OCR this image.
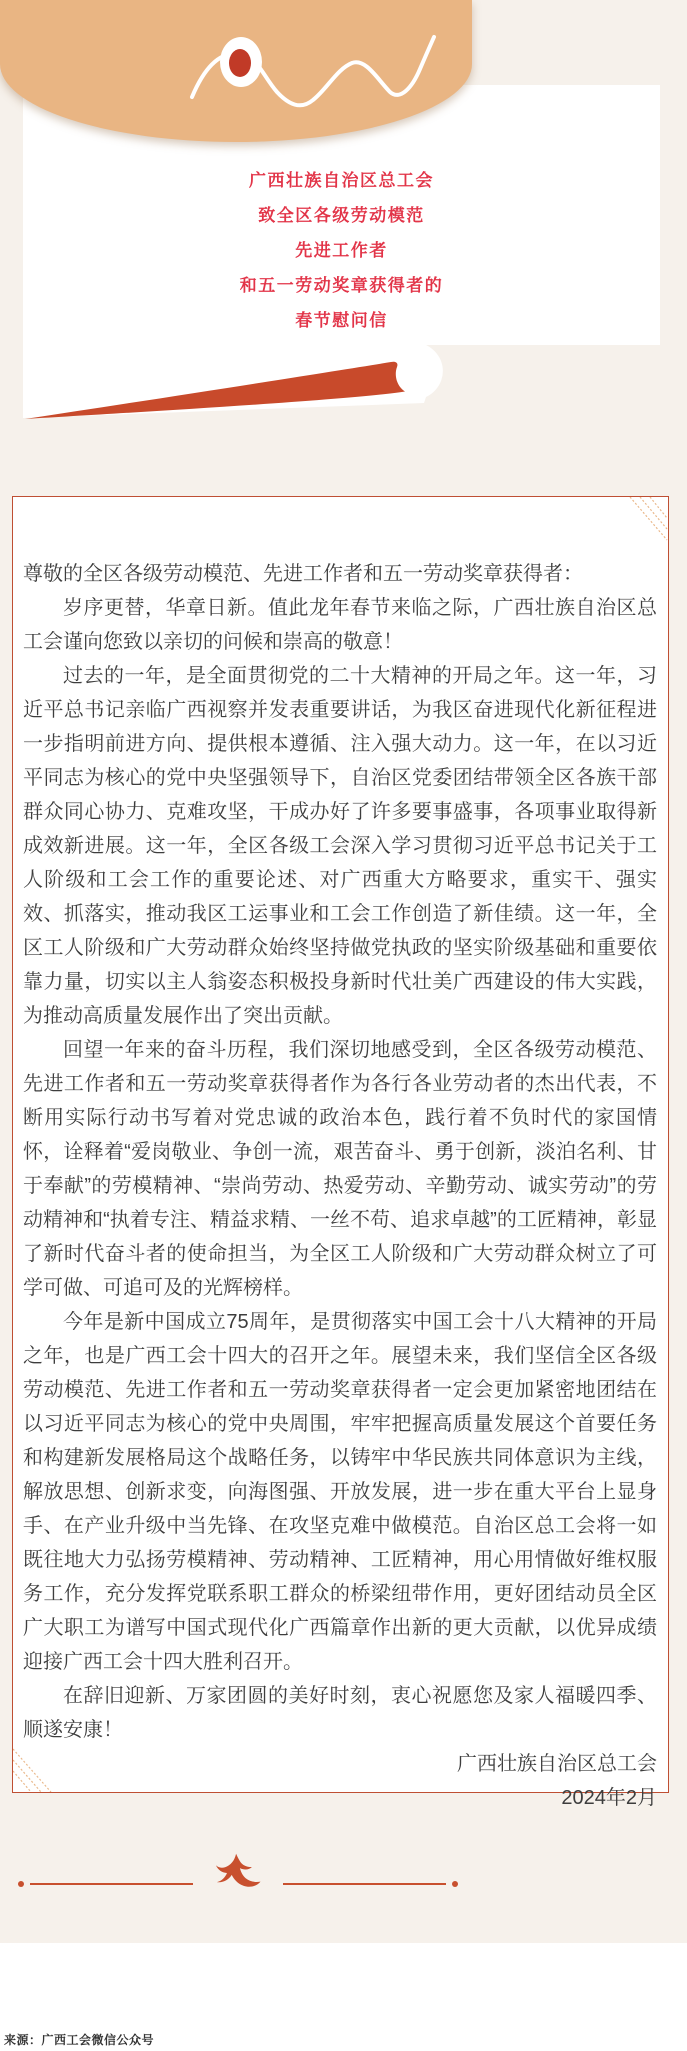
广西壮族自治区总工会
致全区各级劳动模范
先进工作者
和五一劳动奖章获得者的
春节慰问信

尊敬的全区各级劳动模范、先进工作者和五一劳动奖章获得者：

岁序更替，华章日新。值此龙年春节来临之际，广西壮族自治区总工会谨向您致以亲切的问候和崇高的敬意！

过去的一年，是全面贯彻党的二十大精神的开局之年。这一年，习近平总书记亲临广西视察并发表重要讲话，为我区奋进现代化新征程进一步指明前进方向、提供根本遵循、注入强大动力。这一年，在以习近平同志为核心的党中央坚强领导下，自治区党委团结带领全区各族干部群众同心协力、克难攻坚，干成办好了许多要事盛事，各项事业取得新成效新进展。这一年，全区各级工会深入学习贯彻习近平总书记关于工人阶级和工会工作的重要论述、对广西重大方略要求，重实干、强实效、抓落实，推动我区工运事业和工会工作创造了新佳绩。这一年，全区工人阶级和广大劳动群众始终坚持做党执政的坚实阶级基础和重要依靠力量，切实以主人翁姿态积极投身新时代壮美广西建设的伟大实践，为推动高质量发展作出了突出贡献。

回望一年来的奋斗历程，我们深切地感受到，全区各级劳动模范、先进工作者和五一劳动奖章获得者作为各行各业劳动者的杰出代表，不断用实际行动书写着对党忠诚的政治本色，践行着不负时代的家国情怀，诠释着“爱岗敬业、争创一流，艰苦奋斗、勇于创新，淡泊名利、甘于奉献”的劳模精神、“崇尚劳动、热爱劳动、辛勤劳动、诚实劳动”的劳动精神和“执着专注、精益求精、一丝不苟、追求卓越”的工匠精神，彰显了新时代奋斗者的使命担当，为全区工人阶级和广大劳动群众树立了可学可做、可追可及的光辉榜样。

今年是新中国成立75周年，是贯彻落实中国工会十八大精神的开局之年，也是广西工会十四大的召开之年。展望未来，我们坚信全区各级劳动模范、先进工作者和五一劳动奖章获得者一定会更加紧密地团结在以习近平同志为核心的党中央周围，牢牢把握高质量发展这个首要任务和构建新发展格局这个战略任务，以铸牢中华民族共同体意识为主线，解放思想、创新求变，向海图强、开放发展，进一步在重大平台上显身手、在产业升级中当先锋、在攻坚克难中做模范。自治区总工会将一如既往地大力弘扬劳模精神、劳动精神、工匠精神，用心用情做好维权服务工作，充分发挥党联系职工群众的桥梁纽带作用，更好团结动员全区广大职工为谱写中国式现代化广西篇章作出新的更大贡献，以优异成绩迎接广西工会十四大胜利召开。

在辞旧迎新、万家团圆的美好时刻，衷心祝愿您及家人福暖四季、顺遂安康！

广西壮族自治区总工会
2024年2月
来源：广西工会微信公众号
